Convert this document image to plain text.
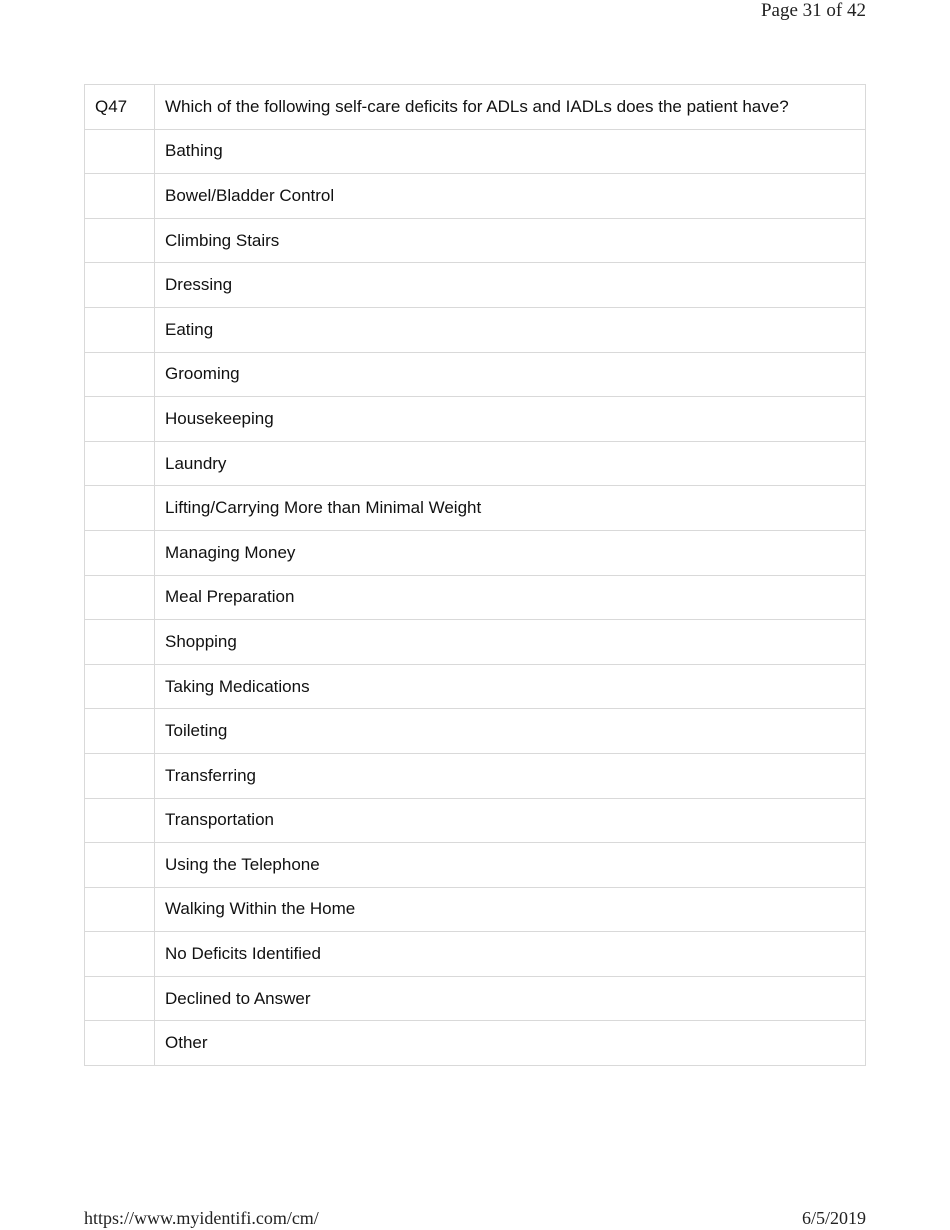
Page 31 of 42
Q47	Which of the following self-care deficits for ADLs and IADLs does the patient have?
	Bathing
	Bowel/Bladder Control
	Climbing Stairs
	Dressing
	Eating
	Grooming
	Housekeeping
	Laundry
	Lifting/Carrying More than Minimal Weight
	Managing Money
	Meal Preparation
	Shopping
	Taking Medications
	Toileting
	Transferring
	Transportation
	Using the Telephone
	Walking Within the Home
	No Deficits Identified
	Declined to Answer
	Other
https://www.myidentifi.com/cm/	6/5/2019
